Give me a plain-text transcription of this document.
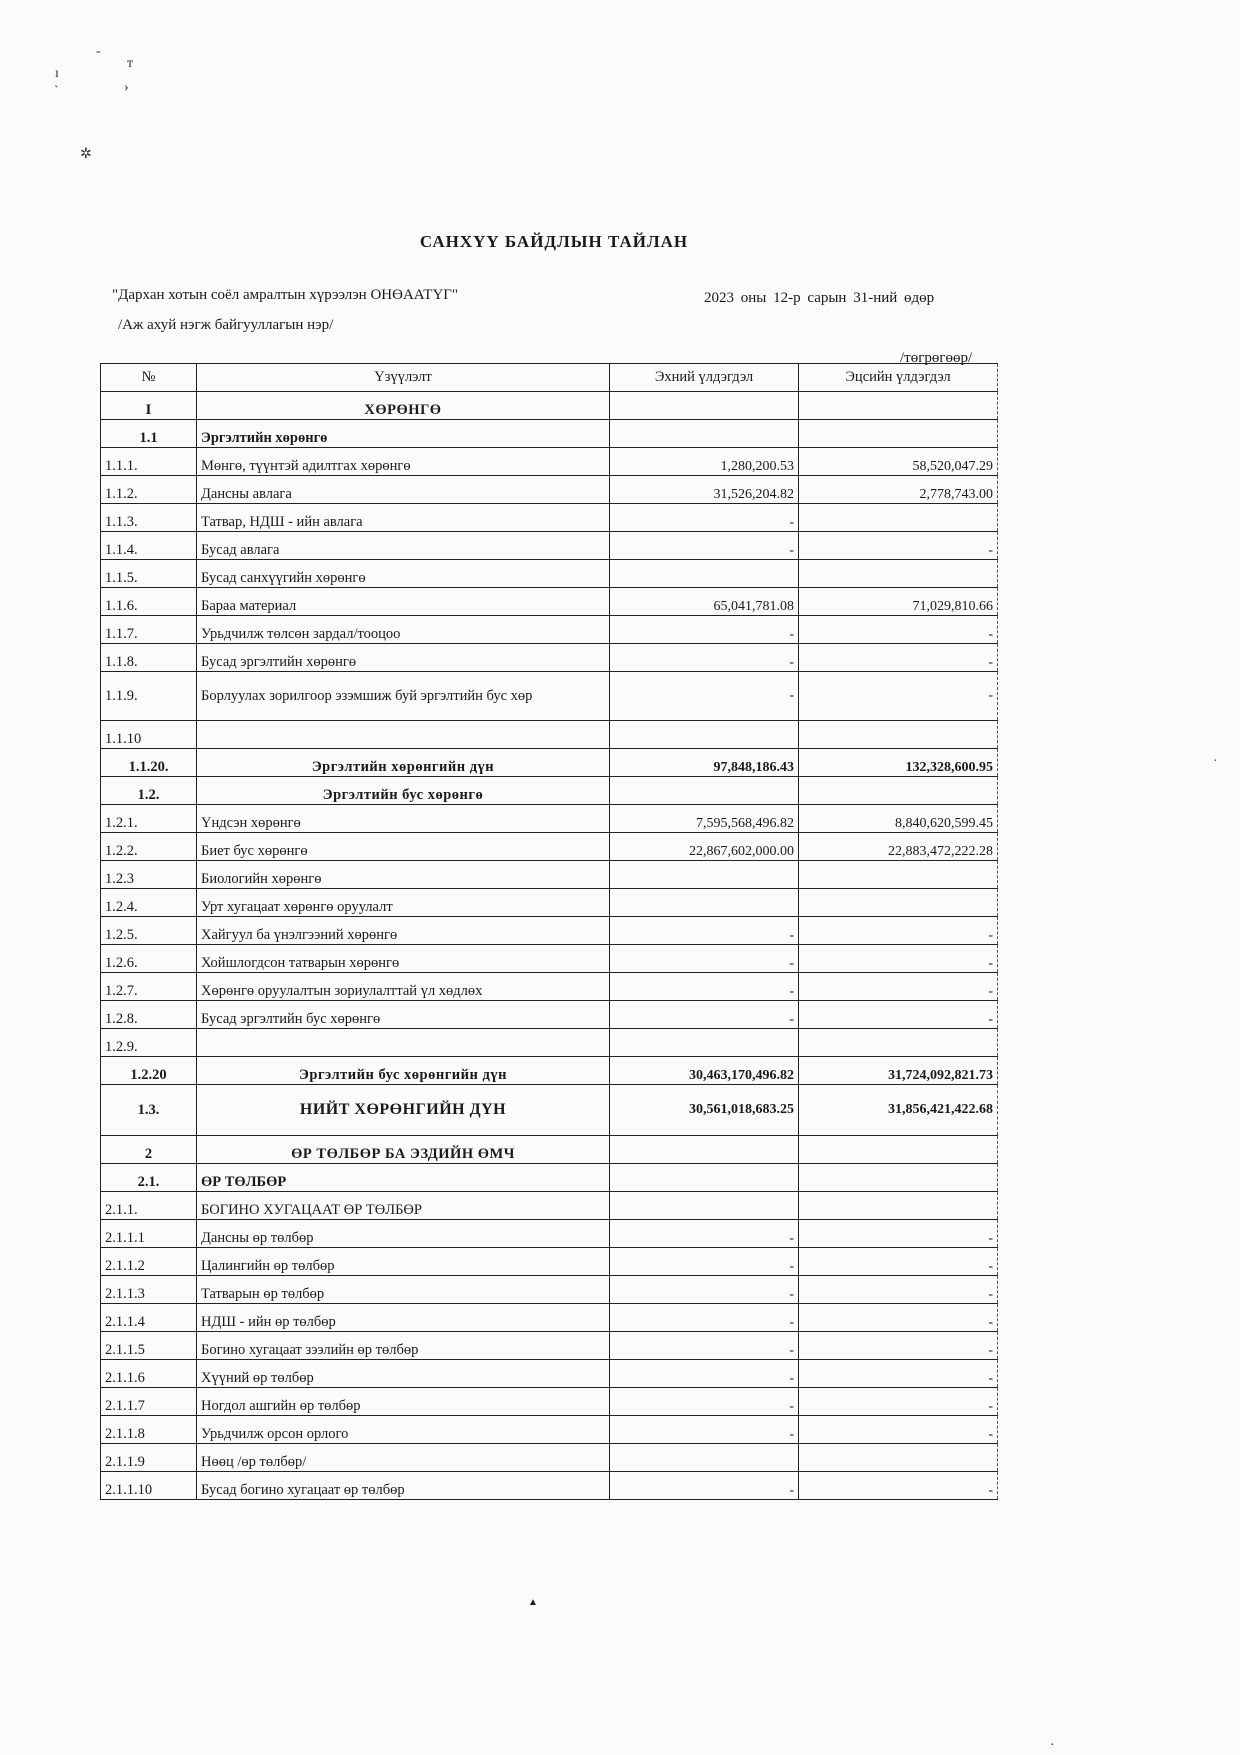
-
т
ı
›
`
✲
·
·
САНХҮҮ БАЙДЛЫН ТАЙЛАН
"Дархан хотын соёл амралтын хүрээлэн ОНӨААТҮГ"	2023 оны 12-р сарын 31-ний өдөр
/Аж ахуй нэгж байгууллагын нэр/
/төгрөгөөр/
№	Үзүүлэлт	Эхний үлдэгдэл	Эцсийн үлдэгдэл
I	ХӨРӨНГӨ		
1.1	Эргэлтийн хөрөнгө		
1.1.1.	Мөнгө, түүнтэй адилтгах хөрөнгө	1,280,200.53	58,520,047.29
1.1.2.	Дансны авлага	31,526,204.82	2,778,743.00
1.1.3.	Татвар, НДШ - ийн авлага	-	
1.1.4.	Бусад авлага	-	-
1.1.5.	Бусад санхүүгийн хөрөнгө		
1.1.6.	Бараа материал	65,041,781.08	71,029,810.66
1.1.7.	Урьдчилж төлсөн зардал/тооцоо	-	-
1.1.8.	Бусад эргэлтийн хөрөнгө	-	-
1.1.9.	Борлуулах зорилгоор эзэмшиж буй эргэлтийн бус хөр	-	-
1.1.10			
1.1.20.	Эргэлтийн хөрөнгийн дүн	97,848,186.43	132,328,600.95
1.2.	Эргэлтийн бус хөрөнгө		
1.2.1.	Үндсэн хөрөнгө	7,595,568,496.82	8,840,620,599.45
1.2.2.	Биет бус хөрөнгө	22,867,602,000.00	22,883,472,222.28
1.2.3	Биологийн хөрөнгө		
1.2.4.	Урт хугацаат хөрөнгө оруулалт		
1.2.5.	Хайгуул ба үнэлгээний хөрөнгө	-	-
1.2.6.	Хойшлогдсон татварын хөрөнгө	-	-
1.2.7.	Хөрөнгө оруулалтын зориулалттай үл хөдлөх	-	-
1.2.8.	Бусад эргэлтийн бус хөрөнгө	-	-
1.2.9.			
1.2.20	Эргэлтийн бус хөрөнгийн дүн	30,463,170,496.82	31,724,092,821.73
1.3.	НИЙТ ХӨРӨНГИЙН ДҮН	30,561,018,683.25	31,856,421,422.68
2	ӨР ТӨЛБӨР БА ЭЗДИЙН ӨМЧ		
2.1.	ӨР ТӨЛБӨР		
2.1.1.	БОГИНО ХУГАЦААТ ӨР ТӨЛБӨР		
2.1.1.1	Дансны өр төлбөр	-	-
2.1.1.2	Цалингийн өр төлбөр	-	-
2.1.1.3	Татварын өр төлбөр	-	-
2.1.1.4	НДШ - ийн өр төлбөр	-	-
2.1.1.5	Богино хугацаат зээлийн өр төлбөр	-	-
2.1.1.6	Хүүний өр төлбөр	-	-
2.1.1.7	Ногдол ашгийн өр төлбөр	-	-
2.1.1.8	Урьдчилж орсон орлого	-	-
2.1.1.9	Нөөц /өр төлбөр/		
2.1.1.10	Бусад богино хугацаат өр төлбөр	-	-
▲
